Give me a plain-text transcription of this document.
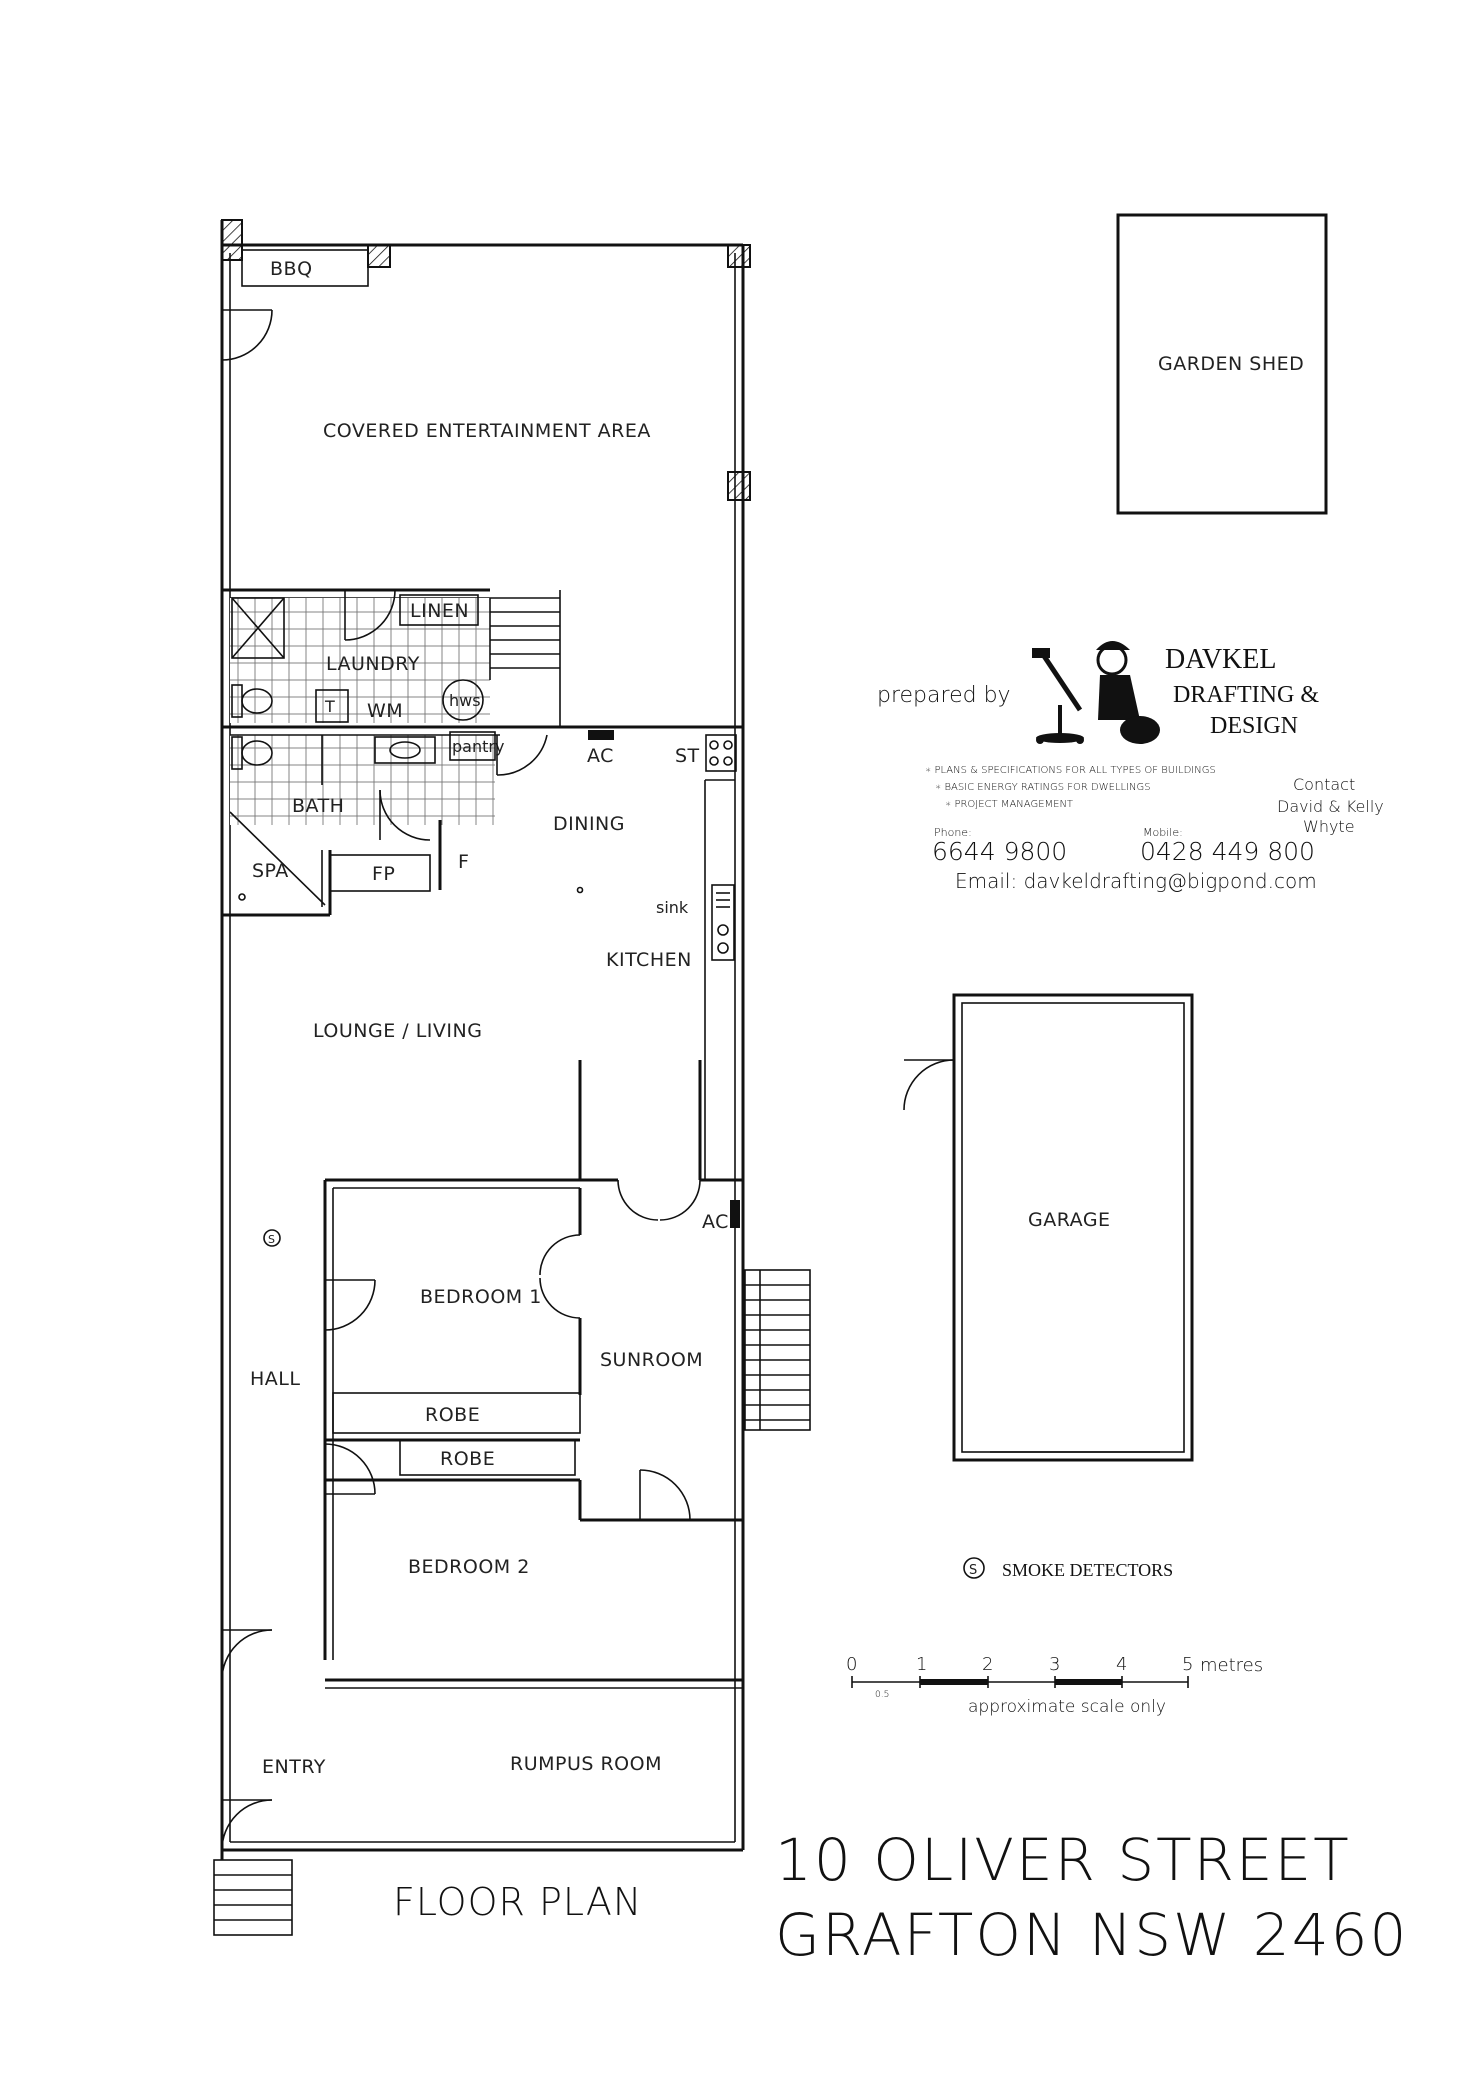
BBQ
COVERED ENTERTAINMENT AREA
LINEN
LAUNDRY
T WM	hws
pantry
BATH
SPA	FP
F
AC	ST
DINING
sink
KITCHEN
LOUNGE / LIVING
BEDROOM 1
ROBE
ROBE
BEDROOM 2
AC
SUNROOM
HALL
S
ENTRY	RUMPUS ROOM
GARDEN SHED
GARAGE
prepared by
DAVKEL
DRAFTING &
DESIGN
∗ PLANS & SPECIFICATIONS FOR ALL TYPES OF BUILDINGS
∗ BASIC ENERGY RATINGS FOR DWELLINGS
∗ PROJECT MANAGEMENT
Contact
David & Kelly
Whyte
Phone:
6644 9800
Mobile:
0428 449 800
Email: davkeldrafting@bigpond.com
S SMOKE DETECTORS
0	1	2	3	4	5 metres
0.5
approximate scale only
FLOOR PLAN
10 OLIVER STREET
GRAFTON NSW 2460
